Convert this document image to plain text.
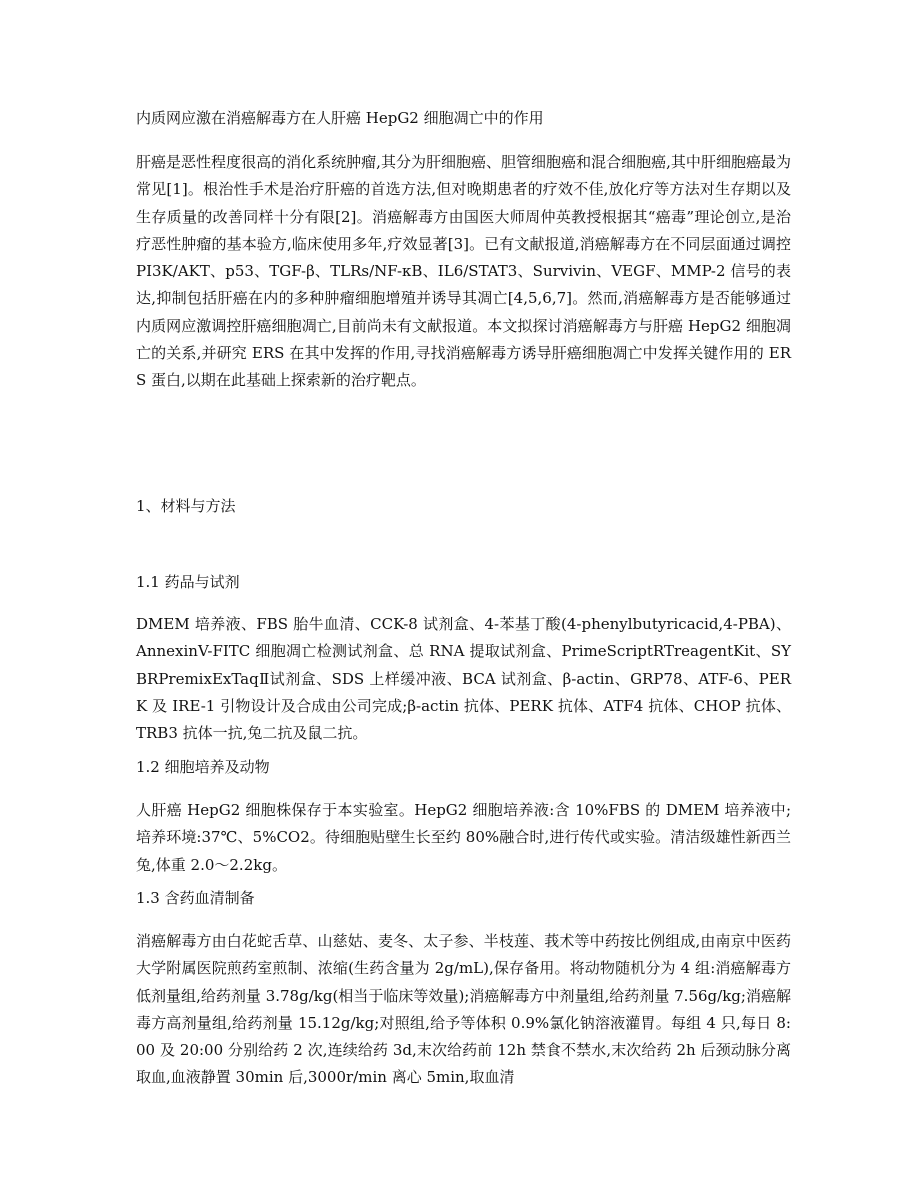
内质网应激在消癌解毒方在人肝癌 HepG2 细胞凋亡中的作用

肝癌是恶性程度很高的消化系统肿瘤,其分为肝细胞癌、胆管细胞癌和混合细胞癌,其中肝细胞癌最为常见[1]。根治性手术是治疗肝癌的首选方法,但对晚期患者的疗效不佳,放化疗等方法对生存期以及生存质量的改善同样十分有限[2]。消癌解毒方由国医大师周仲英教授根据其“癌毒”理论创立,是治疗恶性肿瘤的基本验方,临床使用多年,疗效显著[3]。已有文献报道,消癌解毒方在不同层面通过调控 PI3K/AKT、p53、TGF-β、TLRs/NF-κB、IL6/STAT3、Survivin、VEGF、MMP-2 信号的表达,抑制包括肝癌在内的多种肿瘤细胞增殖并诱导其凋亡[4,5,6,7]。然而,消癌解毒方是否能够通过内质网应激调控肝癌细胞凋亡,目前尚未有文献报道。本文拟探讨消癌解毒方与肝癌 HepG2 细胞凋亡的关系,并研究 ERS 在其中发挥的作用,寻找消癌解毒方诱导肝癌细胞凋亡中发挥关键作用的 ERS 蛋白,以期在此基础上探索新的治疗靶点。

1、材料与方法
1.1 药品与试剂

DMEM 培养液、FBS 胎牛血清、CCK-8 试剂盒、4-苯基丁酸(4-phenylbutyricacid,4-PBA)、AnnexinV-FITC 细胞凋亡检测试剂盒、总 RNA 提取试剂盒、PrimeScriptRTreagentKit、SYBRPremixExTaqⅡ试剂盒、SDS 上样缓冲液、BCA 试剂盒、β-actin、GRP78、ATF-6、PERK 及 IRE-1 引物设计及合成由公司完成;β-actin 抗体、PERK 抗体、ATF4 抗体、CHOP 抗体、TRB3 抗体一抗,兔二抗及鼠二抗。

1.2 细胞培养及动物

人肝癌 HepG2 细胞株保存于本实验室。HepG2 细胞培养液:含 10%FBS 的 DMEM 培养液中;培养环境:37℃、5%CO2。待细胞贴壁生长至约 80%融合时,进行传代或实验。清洁级雄性新西兰兔,体重 2.0～2.2kg。

1.3 含药血清制备

消癌解毒方由白花蛇舌草、山慈姑、麦冬、太子参、半枝莲、莪术等中药按比例组成,由南京中医药大学附属医院煎药室煎制、浓缩(生药含量为 2g/mL),保存备用。将动物随机分为 4 组:消癌解毒方低剂量组,给药剂量 3.78g/kg(相当于临床等效量);消癌解毒方中剂量组,给药剂量 7.56g/kg;消癌解毒方高剂量组,给药剂量 15.12g/kg;对照组,给予等体积 0.9%氯化钠溶液灌胃。每组 4 只,每日 8:00 及 20:00 分别给药 2 次,连续给药 3d,末次给药前 12h 禁食不禁水,末次给药 2h 后颈动脉分离取血,血液静置 30min 后,3000r/min 离心 5min,取血清
